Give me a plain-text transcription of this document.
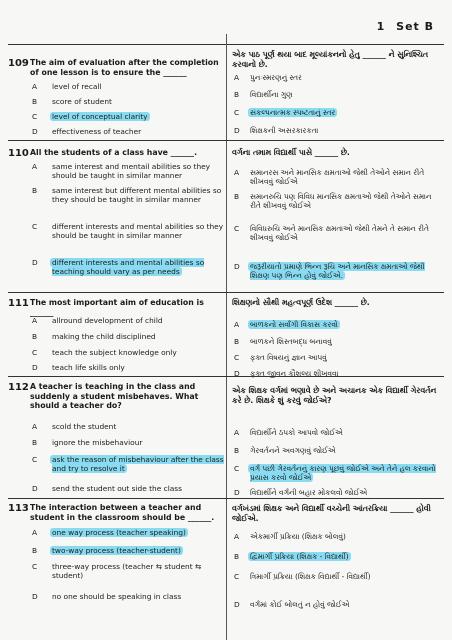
1 Set B
109 The aim of evaluation after the completion of one lesson is to ensure the ______
A	level of recall
B	score of student
C	level of conceptual clarity
D	effectiveness of teacher
એક પાઠ પૂર્ણ થયા બાદ મૂલ્યાંકનનો હેતુ ______ ને સુનિશ્ચિત કરવાનો છે.
A	પુનઃસ્મરણનું સ્તર
B	વિદ્યાર્થીના ગુણ
C	સંકલ્પનાત્મક સ્પષ્ટતાનું સ્તર
D	શિક્ષકની અસરકારકતા
110 All the students of a class have ______.
A	same interest and mentail abilities so they should be taught in similar manner
B	same interest but different mental abilities so they should be taught in similar manner
C	different interests and mental abilities so they should be taught in similar manner
D	different interests and mental abilities so teaching should vary as per needs
વર્ગના તમામ વિદ્યાર્થી પાસે ______ છે.
A	સમાનરસ અને માનસિક ક્ષમતાઓ જેથી તેઓને સમાન રીતે શીખવવું જોઈએ
B	સમાનરુચિ પણ વિવિધ માનસિક ક્ષમતાઓ જેથી તેઓને સમાન રીતે શીખવવું જોઈએ
C	વિવિધરુચિ અને માનસિક ક્ષમતાઓ જેથી તેમને તે સમાન રીતે શીખવવું જોઈએ
D	જરૂરીયાતો પ્રમાણે ભિન્ન રૂચિ અને માનસિક ક્ષમતાઓ જેથી શિક્ષણ પણ ભિન્ન હોવું જોઈએ.
111 The most important aim of education is ______
A	allround development of child
B	making the child disciplined
C	teach the subject knowledge only
D	teach life skills only
શિક્ષણનો સૌથી મહત્વપૂર્ણ ઉદેશ ______ છે.
A	બાળકનો સર્વાંગી વિકાસ કરવો
B	બાળકને શિસ્તબદ્ધ બનાવવું
C	ફક્ત વિષયનું જ્ઞાન આપવું
D	ફક્ત જીવન કૌશલ્ય શીખવવા
112 A teacher is teaching in the class and suddenly a student misbehaves. What should a teacher do?
A	scold the student
B	ignore the misbehaviour
C	ask the reason of misbehaviour after the class and try to resolve it
D	send the student out side the class
એક શિક્ષક વર્ગમાં ભણાવે છે અને અચાનક એક વિદ્યાર્થી ગેરવર્તન કરે છે. શિક્ષકે શું કરવું જોઈએ?
A	વિદ્યાર્થીને ઠપકો આપવો જોઈએ
B	ગેરવર્તનને અવગણવું જોઈએ
C	વર્ગ પછી ગેરવર્તનનું કારણ પૂછવું જોઈએ અને તેને હલ કરવાનો પ્રયાસ કરવો જોઈએ
D	વિદ્યાર્થીને વર્ગની બહાર મોકલવો જોઈએ
113 The interaction between a teacher and student in the classroom should be ______.
A	one way process (teacher speaking)
B	two-way process (teacher-student)
C	three-way process (teacher ⇆ student ⇆ student)
D	no one should be speaking in class
વર્ગખંડમાં શિક્ષક અને વિદ્યાર્થી વચ્ચેની આંતરક્રિયા ______ હોવી જોઈએ.
A	એકમાર્ગી પ્રક્રિયા (શિક્ષક બોલવું)
B	દ્વિમાર્ગી પ્રક્રિયા (શિક્ષક - વિદ્યાર્થી)
C	ત્રિમાર્ગી પ્રક્રિયા (શિક્ષક વિદ્યાર્થી - વિદ્યાર્થી)
D	વર્ગમાં કોઈ બોલતું ન હોવું જોઈએ
